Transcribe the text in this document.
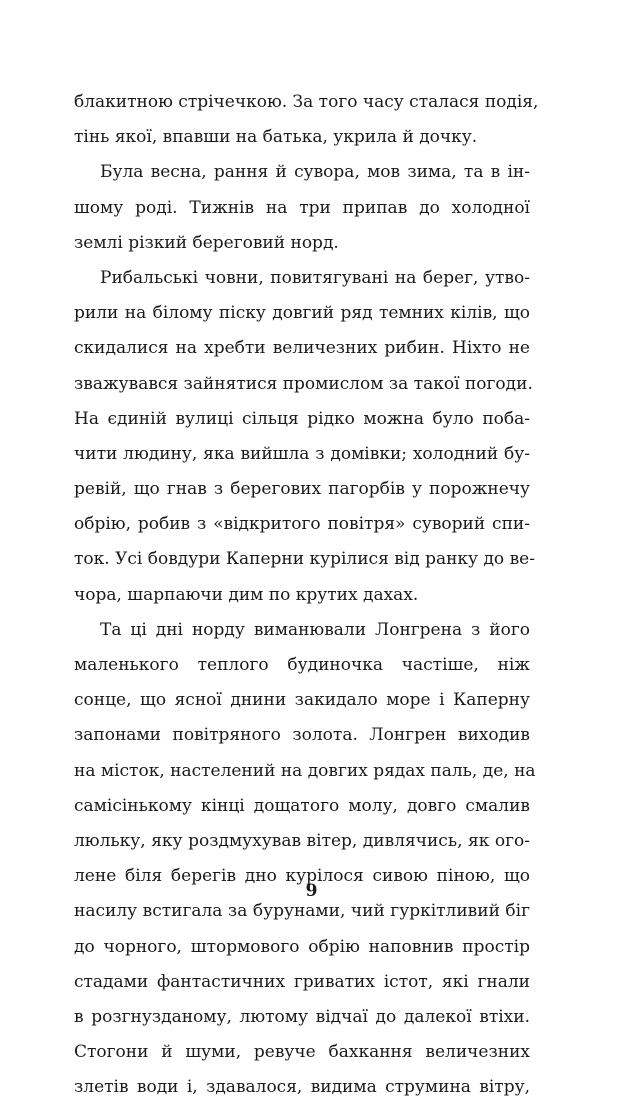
блакитною стрічечкою. За того часу сталася подія,
тінь якої, впавши на батька, укрила й дочку.
Була весна, рання й сувора, мов зима, та в ін-
шому роді. Тижнів на три припав до холодної
землі різкий береговий норд.
Рибальські човни, повитягувані на берег, утво-
рили на білому піску довгий ряд темних кілів, що
скидалися на хребти величезних рибин. Ніхто не
зважувався зайнятися промислом за такої погоди.
На єдиній вулиці сільця рідко можна було поба-
чити людину, яка вийшла з домівки; холодний бу-
ревій, що гнав з берегових пагорбів у порожнечу
обрію, робив з «відкритого повітря» суворий спи-
ток. Усі бовдури Каперни курілися від ранку до ве-
чора, шарпаючи дим по крутих дахах.
Та ці дні норду виманювали Лонгрена з його
маленького теплого будиночка частіше, ніж
сонце, що ясної днини закидало море і Каперну
запонами повітряного золота. Лонгрен виходив
на місток, настелений на довгих рядах паль, де, на
самісінькому кінці дощатого молу, довго смалив
люльку, яку роздмухував вітер, дивлячись, як ого-
лене біля берегів дно курілося сивою піною, що
насилу встигала за бурунами, чий гуркітливий біг
до чорного, штормового обрію наповнив простір
стадами фантастичних гриватих істот, які гнали
в розгнузданому, лютому відчаї до далекої втіхи.
Стогони й шуми, ревуче бахкання величезних
злетів води і, здавалося, видима струмина вітру,
9
